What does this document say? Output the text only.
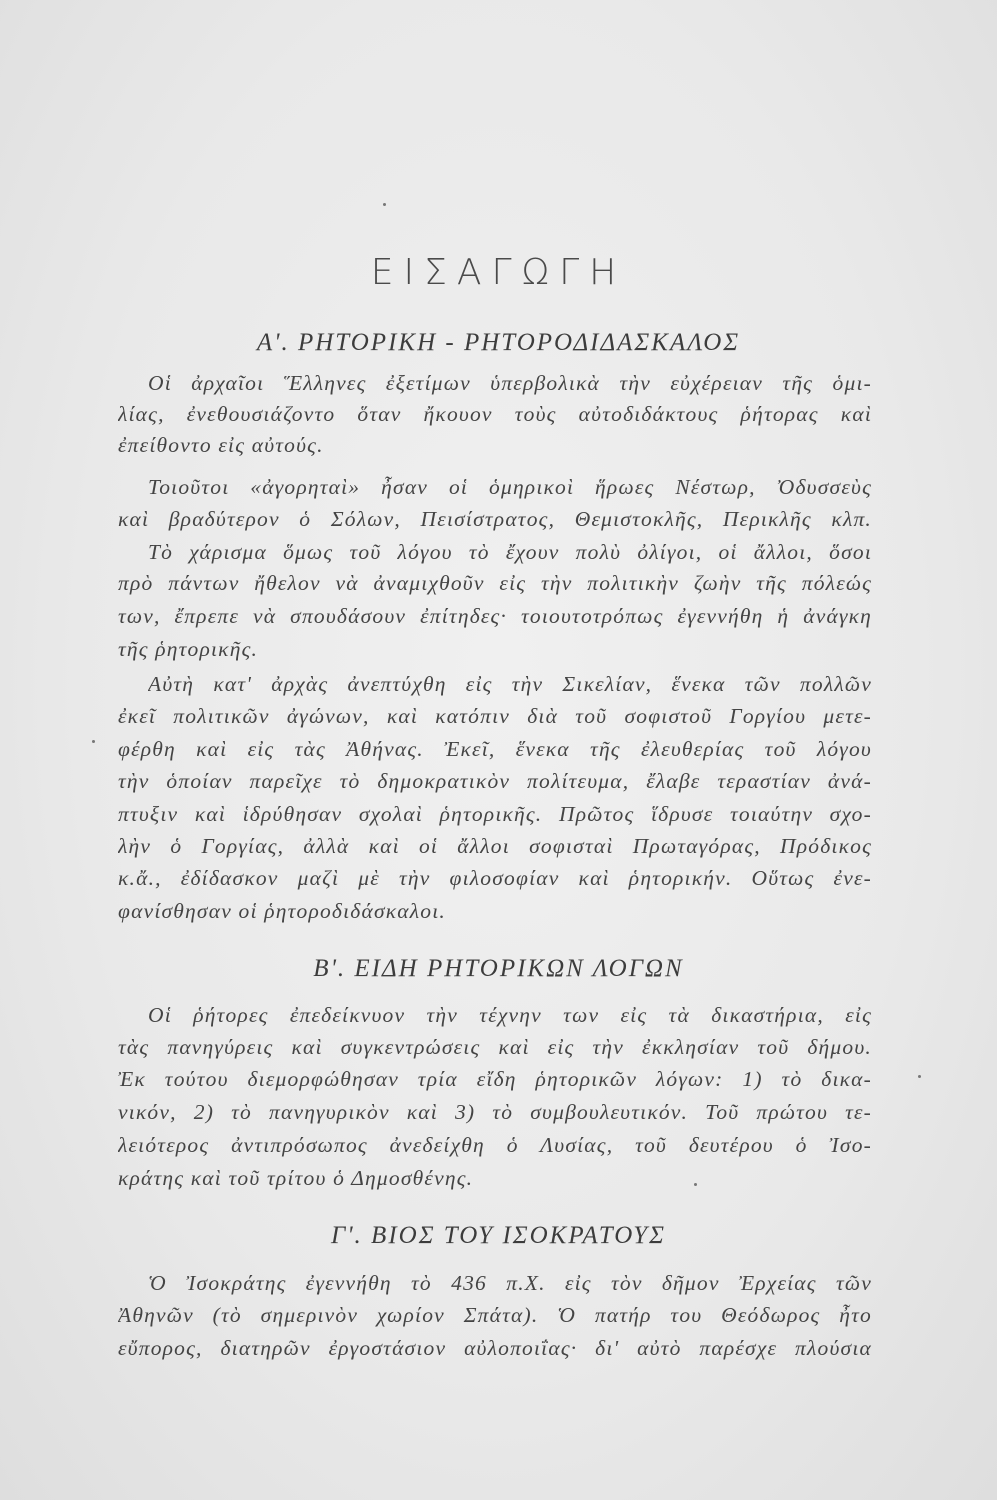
ΕΙΣΑΓΩΓΗ
Α'. ΡΗΤΟΡΙΚΗ - ΡΗΤΟΡΟΔΙΔΑΣΚΑΛΟΣ
Οἱ ἀρχαῖοι Ἕλληνες ἐξετίμων ὑπερβολικὰ τὴν εὐχέρειαν τῆς ὁμι-
λίας, ἐνεθουσιάζοντο ὅταν ἤκουον τοὺς αὐτοδιδάκτους ῥήτορας καὶ
ἐπείθοντο εἰς αὐτούς.
Τοιοῦτοι «ἀγορηταὶ» ἦσαν οἱ ὁμηρικοὶ ἥρωες Νέστωρ, Ὀδυσσεὺς
καὶ βραδύτερον ὁ Σόλων, Πεισίστρατος, Θεμιστοκλῆς, Περικλῆς κλπ.
Τὸ χάρισμα ὅμως τοῦ λόγου τὸ ἔχουν πολὺ ὀλίγοι, οἱ ἄλλοι, ὅσοι
πρὸ πάντων ἤθελον νὰ ἀναμιχθοῦν εἰς τὴν πολιτικὴν ζωὴν τῆς πόλεώς
των, ἔπρεπε νὰ σπουδάσουν ἐπίτηδες· τοιουτοτρόπως ἐγεννήθη ἡ ἀνάγκη
τῆς ῥητορικῆς.
Αὐτὴ κατ' ἀρχὰς ἀνεπτύχθη εἰς τὴν Σικελίαν, ἕνεκα τῶν πολλῶν
ἐκεῖ πολιτικῶν ἀγώνων, καὶ κατόπιν διὰ τοῦ σοφιστοῦ Γοργίου μετε-
φέρθη καὶ εἰς τὰς Ἀθήνας. Ἐκεῖ, ἕνεκα τῆς ἐλευθερίας τοῦ λόγου
τὴν ὁποίαν παρεῖχε τὸ δημοκρατικὸν πολίτευμα, ἔλαβε τεραστίαν ἀνά-
πτυξιν καὶ ἱδρύθησαν σχολαὶ ῥητορικῆς. Πρῶτος ἵδρυσε τοιαύτην σχο-
λὴν ὁ Γοργίας, ἀλλὰ καὶ οἱ ἄλλοι σοφισταὶ Πρωταγόρας, Πρόδικος
κ.ἄ., ἐδίδασκον μαζὶ μὲ τὴν φιλοσοφίαν καὶ ῥητορικήν. Οὕτως ἐνε-
φανίσθησαν οἱ ῥητοροδιδάσκαλοι.
Β'. ΕΙΔΗ ΡΗΤΟΡΙΚΩΝ ΛΟΓΩΝ
Οἱ ῥήτορες ἐπεδείκνυον τὴν τέχνην των εἰς τὰ δικαστήρια, εἰς
τὰς πανηγύρεις καὶ συγκεντρώσεις καὶ εἰς τὴν ἐκκλησίαν τοῦ δήμου.
Ἐκ τούτου διεμορφώθησαν τρία εἴδη ῥητορικῶν λόγων: 1) τὸ δικα-
νικόν, 2) τὸ πανηγυρικὸν καὶ 3) τὸ συμβουλευτικόν. Τοῦ πρώτου τε-
λειότερος ἀντιπρόσωπος ἀνεδείχθη ὁ Λυσίας, τοῦ δευτέρου ὁ Ἰσο-
κράτης καὶ τοῦ τρίτου ὁ Δημοσθένης.
Γ'. ΒΙΟΣ ΤΟΥ ΙΣΟΚΡΑΤΟΥΣ
Ὁ Ἰσοκράτης ἐγεννήθη τὸ 436 π.Χ. εἰς τὸν δῆμον Ἐρχείας τῶν
Ἀθηνῶν (τὸ σημερινὸν χωρίον Σπάτα). Ὁ πατήρ του Θεόδωρος ἦτο
εὔπορος, διατηρῶν ἐργοστάσιον αὐλοποιΐας· δι' αὐτὸ παρέσχε πλούσια
